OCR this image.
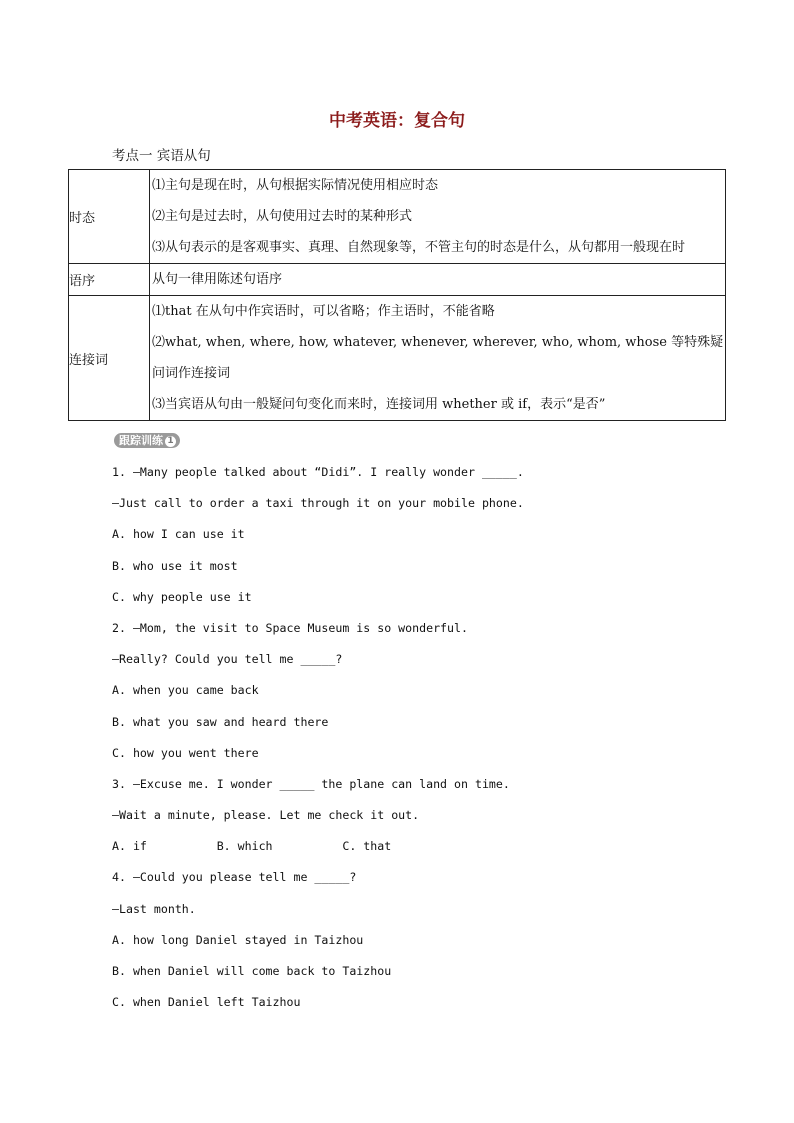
中考英语：复合句
考点一 宾语从句
时态	⑴主句是现在时，从句根据实际情况使用相应时态
⑵主句是过去时，从句使用过去时的某种形式
⑶从句表示的是客观事实、真理、自然现象等，不管主句的时态是什么，从句都用一般现在时

语序	从句一律用陈述句语序

连接词	⑴that 在从句中作宾语时，可以省略；作主语时，不能省略
⑵what, when, where, how, whatever, whenever, wherever, who, whom, whose 等特殊疑问词作连接词
⑶当宾语从句由一般疑问句变化而来时，连接词用 whether 或 if，表示“是否”
跟踪训练 1
1. —Many people talked about “Didi”. I really wonder _____.
—Just call to order a taxi through it on your mobile phone.
A. how I can use it
B. who use it most
C. why people use it
2. —Mom, the visit to Space Museum is so wonderful.
—Really? Could you tell me _____?
A. when you came back
B. what you saw and heard there
C. how you went there
3. —Excuse me. I wonder _____ the plane can land on time.
—Wait a minute, please. Let me check it out.
A. if          B. which          C. that
4. —Could you please tell me _____?
—Last month.
A. how long Daniel stayed in Taizhou
B. when Daniel will come back to Taizhou
C. when Daniel left Taizhou
